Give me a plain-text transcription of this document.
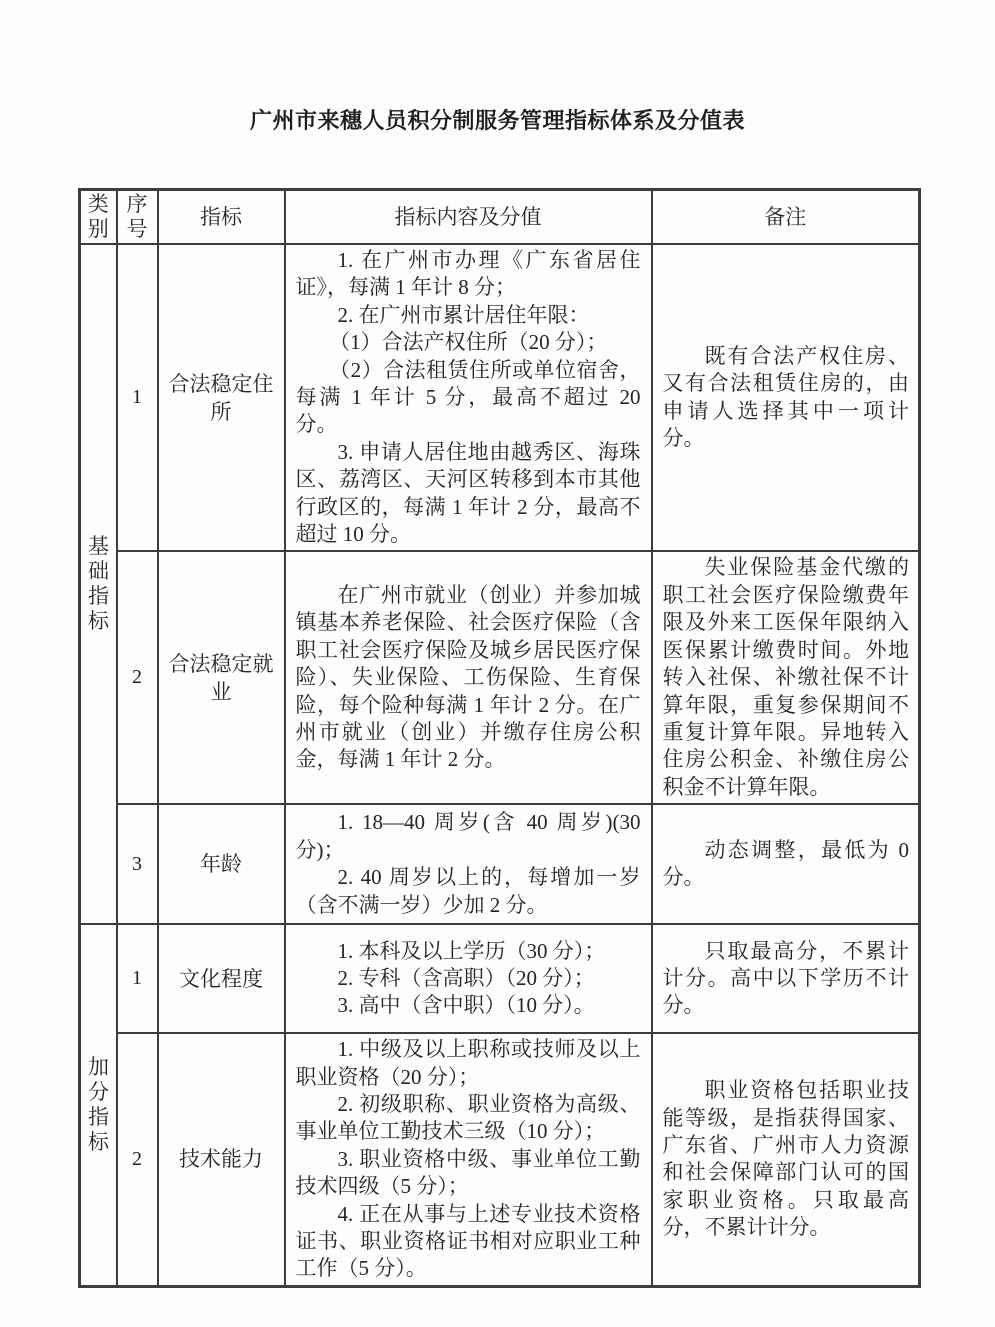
广州市来穗人员积分制服务管理指标体系及分值表
类别	序号	指标	指标内容及分值	备注
基础指标	1	合法稳定住所	1. 在广州市办理《广东省居住证》，每满 1 年计 8 分；

2. 在广州市累计居住年限：

（1）合法产权住所（20 分）；

（2）合法租赁住所或单位宿舍，每满 1 年计 5 分，最高不超过 20 分。

3. 申请人居住地由越秀区、海珠区、荔湾区、天河区转移到本市其他行政区的，每满 1 年计 2 分，最高不超过 10 分。	既有合法产权住房、又有合法租赁住房的，由申请人选择其中一项计分。

	2	合法稳定就业	在广州市就业（创业）并参加城镇基本养老保险、社会医疗保险（含职工社会医疗保险及城乡居民医疗保险）、失业保险、工伤保险、生育保险，每个险种每满 1 年计 2 分。在广州市就业（创业）并缴存住房公积金，每满 1 年计 2 分。	失业保险基金代缴的职工社会医疗保险缴费年限及外来工医保年限纳入医保累计缴费时间。外地转入社保、补缴社保不计算年限，重复参保期间不重复计算年限。异地转入住房公积金、补缴住房公积金不计算年限。

	3	年龄	1. 18—40 周岁(含 40 周岁)(30 分)；

2. 40 周岁以上的，每增加一岁（含不满一岁）少加 2 分。	动态调整，最低为 0 分。

加分指标	1	文化程度	1. 本科及以上学历（30 分）；

2. 专科（含高职）（20 分）；

3. 高中（含中职）（10 分）。	只取最高分，不累计计分。高中以下学历不计分。

	2	技术能力	1. 中级及以上职称或技师及以上职业资格（20 分）；

2. 初级职称、职业资格为高级、事业单位工勤技术三级（10 分）；

3. 职业资格中级、事业单位工勤技术四级（5 分）；

4. 正在从事与上述专业技术资格证书、职业资格证书相对应职业工种工作（5 分）。	职业资格包括职业技能等级，是指获得国家、广东省、广州市人力资源和社会保障部门认可的国家职业资格。只取最高分，不累计计分。
